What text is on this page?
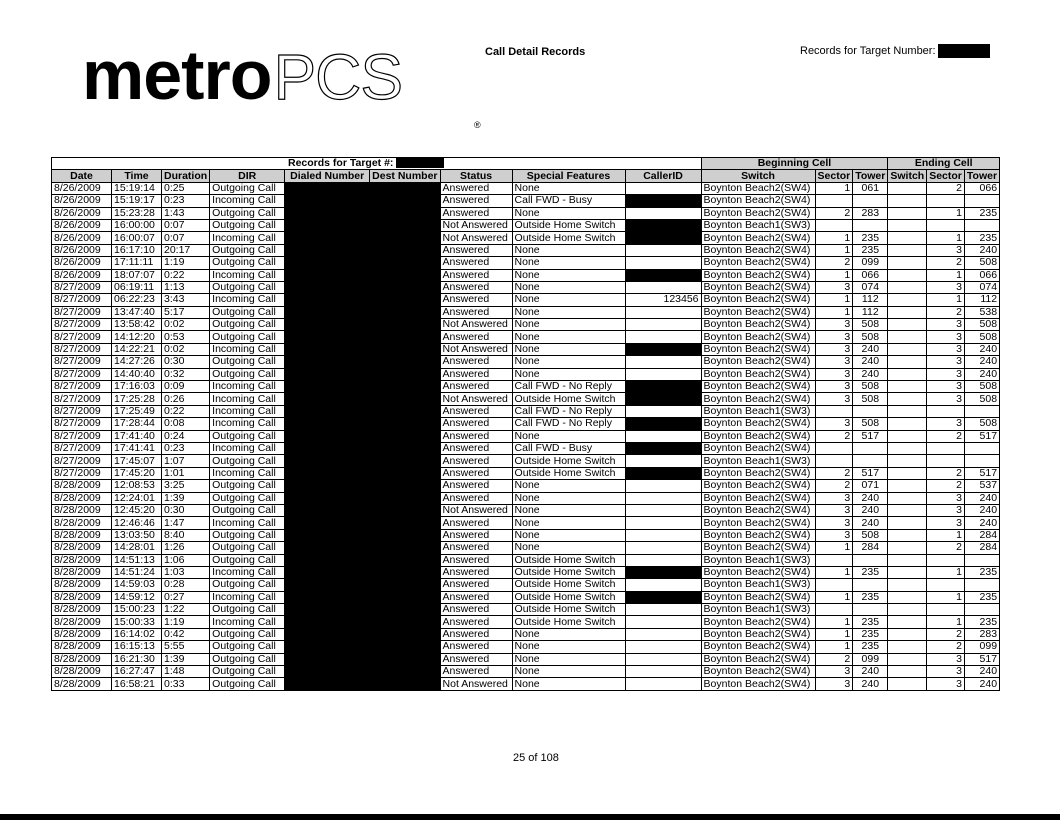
metroPCS
®
Call Detail Records	Records for Target Number:
Records for Target #:									Beginning Cell			Ending Cell		
Date	Time	Duration	DIR	Dialed Number	Dest Number	Status	Special Features	CallerID	Switch	Sector	Tower	Switch	Sector	Tower
8/26/2009	15:19:14	0:25	Outgoing Call			Answered	None		Boynton Beach2(SW4)	1	061		2	066
8/26/2009	15:19:17	0:23	Incoming Call			Answered	Call FWD - Busy		Boynton Beach2(SW4)					
8/26/2009	15:23:28	1:43	Outgoing Call			Answered	None		Boynton Beach2(SW4)	2	283		1	235
8/26/2009	16:00:00	0:07	Outgoing Call			Not Answered	Outside Home Switch		Boynton Beach1(SW3)					
8/26/2009	16:00:07	0:07	Incoming Call			Not Answered	Outside Home Switch		Boynton Beach2(SW4)	1	235		1	235
8/26/2009	16:17:10	20:17	Outgoing Call			Answered	None		Boynton Beach2(SW4)	1	235		3	240
8/26/2009	17:11:11	1:19	Outgoing Call			Answered	None		Boynton Beach2(SW4)	2	099		2	508
8/26/2009	18:07:07	0:22	Incoming Call			Answered	None		Boynton Beach2(SW4)	1	066		1	066
8/27/2009	06:19:11	1:13	Outgoing Call			Answered	None		Boynton Beach2(SW4)	3	074		3	074
8/27/2009	06:22:23	3:43	Incoming Call			Answered	None	123456	Boynton Beach2(SW4)	1	112		1	112
8/27/2009	13:47:40	5:17	Outgoing Call			Answered	None		Boynton Beach2(SW4)	1	112		2	538
8/27/2009	13:58:42	0:02	Outgoing Call			Not Answered	None		Boynton Beach2(SW4)	3	508		3	508
8/27/2009	14:12:20	0:53	Outgoing Call			Answered	None		Boynton Beach2(SW4)	3	508		3	508
8/27/2009	14:22:21	0:02	Incoming Call			Not Answered	None		Boynton Beach2(SW4)	3	240		3	240
8/27/2009	14:27:26	0:30	Outgoing Call			Answered	None		Boynton Beach2(SW4)	3	240		3	240
8/27/2009	14:40:40	0:32	Outgoing Call			Answered	None		Boynton Beach2(SW4)	3	240		3	240
8/27/2009	17:16:03	0:09	Incoming Call			Answered	Call FWD - No Reply		Boynton Beach2(SW4)	3	508		3	508
8/27/2009	17:25:28	0:26	Incoming Call			Not Answered	Outside Home Switch		Boynton Beach2(SW4)	3	508		3	508
8/27/2009	17:25:49	0:22	Incoming Call			Answered	Call FWD - No Reply		Boynton Beach1(SW3)					
8/27/2009	17:28:44	0:08	Incoming Call			Answered	Call FWD - No Reply		Boynton Beach2(SW4)	3	508		3	508
8/27/2009	17:41:40	0:24	Outgoing Call			Answered	None		Boynton Beach2(SW4)	2	517		2	517
8/27/2009	17:41:41	0:23	Incoming Call			Answered	Call FWD - Busy		Boynton Beach2(SW4)					
8/27/2009	17:45:07	1:07	Outgoing Call			Answered	Outside Home Switch		Boynton Beach1(SW3)					
8/27/2009	17:45:20	1:01	Incoming Call			Answered	Outside Home Switch		Boynton Beach2(SW4)	2	517		2	517
8/28/2009	12:08:53	3:25	Outgoing Call			Answered	None		Boynton Beach2(SW4)	2	071		2	537
8/28/2009	12:24:01	1:39	Outgoing Call			Answered	None		Boynton Beach2(SW4)	3	240		3	240
8/28/2009	12:45:20	0:30	Outgoing Call			Not Answered	None		Boynton Beach2(SW4)	3	240		3	240
8/28/2009	12:46:46	1:47	Incoming Call			Answered	None		Boynton Beach2(SW4)	3	240		3	240
8/28/2009	13:03:50	8:40	Outgoing Call			Answered	None		Boynton Beach2(SW4)	3	508		1	284
8/28/2009	14:28:01	1:26	Outgoing Call			Answered	None		Boynton Beach2(SW4)	1	284		2	284
8/28/2009	14:51:13	1:06	Outgoing Call			Answered	Outside Home Switch		Boynton Beach1(SW3)					
8/28/2009	14:51:24	1:03	Incoming Call			Answered	Outside Home Switch		Boynton Beach2(SW4)	1	235		1	235
8/28/2009	14:59:03	0:28	Outgoing Call			Answered	Outside Home Switch		Boynton Beach1(SW3)					
8/28/2009	14:59:12	0:27	Incoming Call			Answered	Outside Home Switch		Boynton Beach2(SW4)	1	235		1	235
8/28/2009	15:00:23	1:22	Outgoing Call			Answered	Outside Home Switch		Boynton Beach1(SW3)					
8/28/2009	15:00:33	1:19	Incoming Call			Answered	Outside Home Switch		Boynton Beach2(SW4)	1	235		1	235
8/28/2009	16:14:02	0:42	Outgoing Call			Answered	None		Boynton Beach2(SW4)	1	235		2	283
8/28/2009	16:15:13	5:55	Outgoing Call			Answered	None		Boynton Beach2(SW4)	1	235		2	099
8/28/2009	16:21:30	1:39	Outgoing Call			Answered	None		Boynton Beach2(SW4)	2	099		3	517
8/28/2009	16:27:47	1:48	Outgoing Call			Answered	None		Boynton Beach2(SW4)	3	240		3	240
8/28/2009	16:58:21	0:33	Outgoing Call			Not Answered	None		Boynton Beach2(SW4)	3	240		3	240
25 of 108
